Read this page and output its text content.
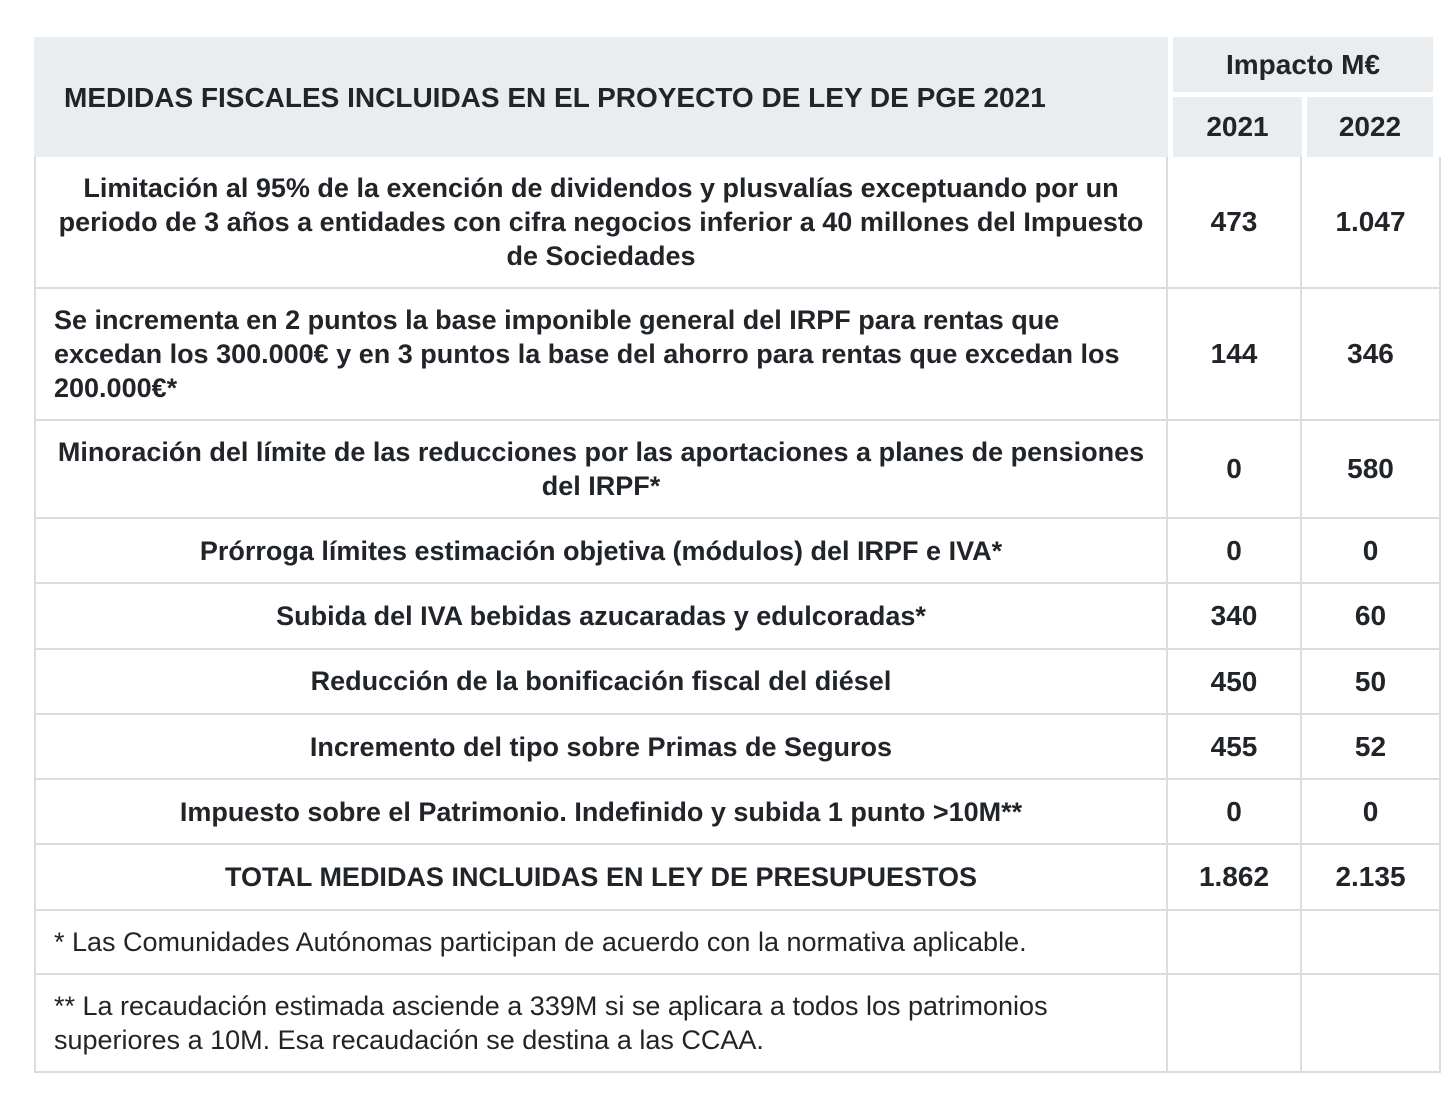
MEDIDAS FISCALES INCLUIDAS EN EL PROYECTO DE LEY DE PGE 2021	Impacto M€	
	2021	2022
Limitación al 95% de la exención de dividendos y plusvalías exceptuando por un periodo de 3 años a entidades con cifra negocios inferior a 40 millones del Impuesto de Sociedades	473	1.047
Se incrementa en 2 puntos la base imponible general del IRPF para rentas que excedan los 300.000€ y en 3 puntos la base del ahorro para rentas que excedan los 200.000€*	144	346
Minoración del límite de las reducciones por las aportaciones a planes de pensiones del IRPF*	0	580
Prórroga límites estimación objetiva (módulos) del IRPF e IVA*	0	0
Subida del IVA bebidas azucaradas y edulcoradas*	340	60
Reducción de la bonificación fiscal del diésel	450	50
Incremento del tipo sobre Primas de Seguros	455	52
Impuesto sobre el Patrimonio. Indefinido y subida 1 punto >10M**	0	0
TOTAL MEDIDAS INCLUIDAS EN LEY DE PRESUPUESTOS	1.862	2.135
* Las Comunidades Autónomas participan de acuerdo con la normativa aplicable.		
** La recaudación estimada asciende a 339M si se aplicara a todos los patrimonios superiores a 10M. Esa recaudación se destina a las CCAA.		
